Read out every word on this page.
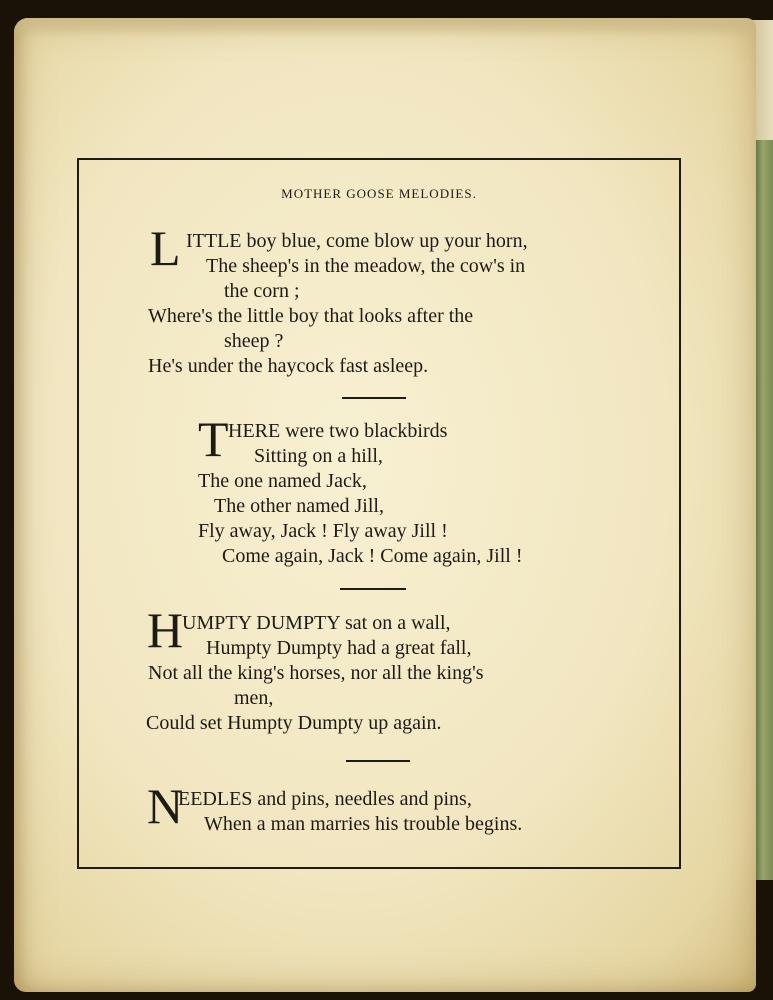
MOTHER GOOSE MELODIES.
L ITTLE boy blue, come blow up your horn,
The sheep's in the meadow, the cow's in
the corn ;
Where's the little boy that looks after the
sheep ?
He's under the haycock fast asleep.
T HERE were two blackbirds
Sitting on a hill,
The one named Jack,
The other named Jill,
Fly away, Jack ! Fly away Jill !
Come again, Jack ! Come again, Jill !
H
UMPTY DUMPTY sat on a wall,
Humpty Dumpty had a great fall,
Not all the king's horses, nor all the king's
men,
Could set Humpty Dumpty up again.
N
EEDLES and pins, needles and pins,
When a man marries his trouble begins.
